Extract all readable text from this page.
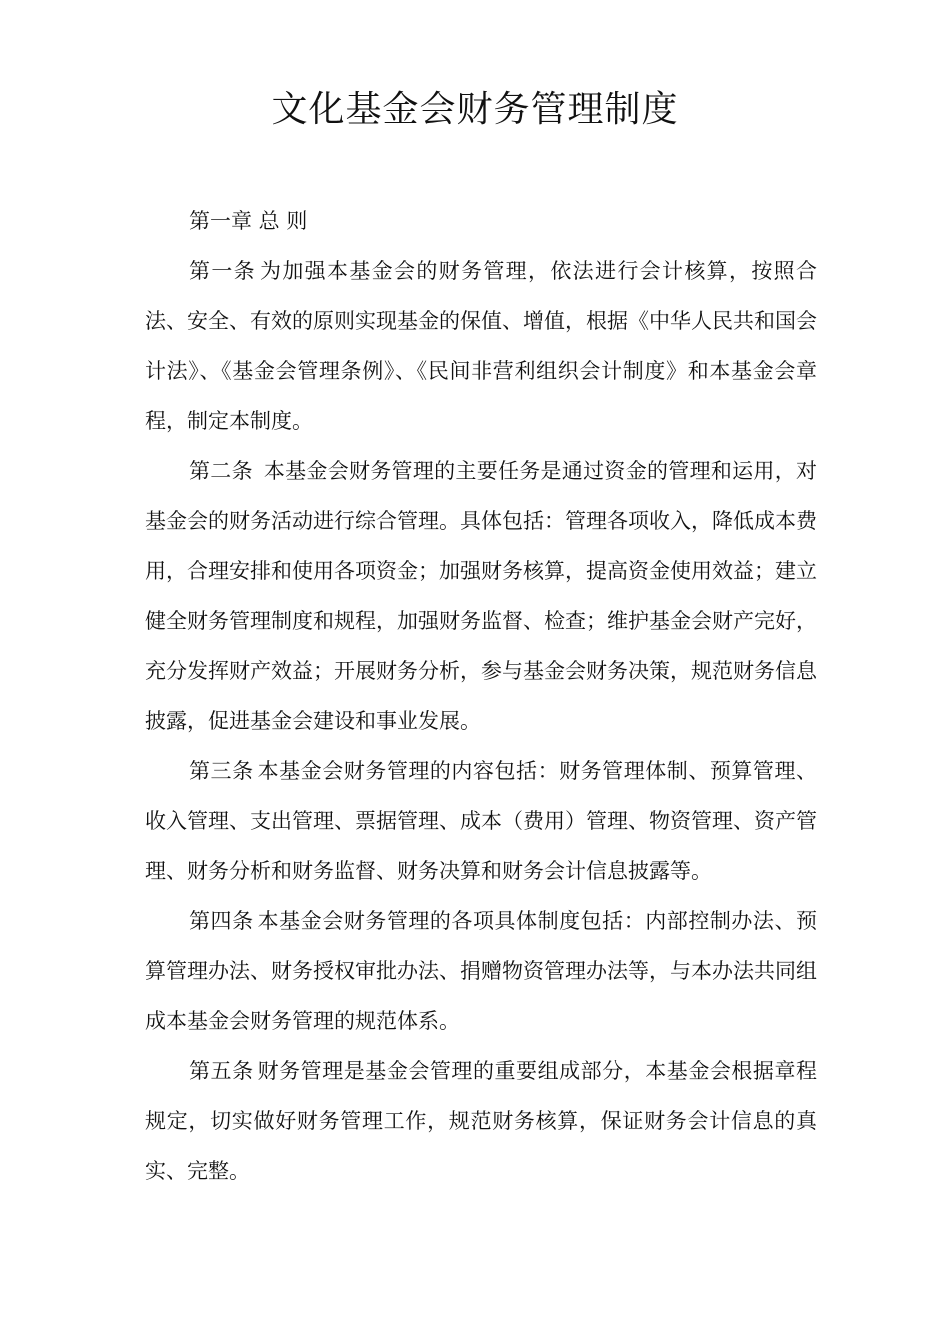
文化基金会财务管理制度

第一章 总 则

第一条 为加强本基金会的财务管理，依法进行会计核算，按照合法、安全、有效的原则实现基金的保值、增值，根据《中华人民共和国会计法》、《基金会管理条例》、《民间非营利组织会计制度》和本基金会章程，制定本制度。

第二条 本基金会财务管理的主要任务是通过资金的管理和运用，对基金会的财务活动进行综合管理。具体包括：管理各项收入，降低成本费用，合理安排和使用各项资金；加强财务核算，提高资金使用效益；建立健全财务管理制度和规程，加强财务监督、检查；维护基金会财产完好，充分发挥财产效益；开展财务分析，参与基金会财务决策，规范财务信息披露，促进基金会建设和事业发展。

第三条 本基金会财务管理的内容包括：财务管理体制、预算管理、收入管理、支出管理、票据管理、成本（费用）管理、物资管理、资产管理、财务分析和财务监督、财务决算和财务会计信息披露等。

第四条 本基金会财务管理的各项具体制度包括：内部控制办法、预算管理办法、财务授权审批办法、捐赠物资管理办法等，与本办法共同组成本基金会财务管理的规范体系。

第五条 财务管理是基金会管理的重要组成部分，本基金会根据章程规定，切实做好财务管理工作，规范财务核算，保证财务会计信息的真实、完整。
